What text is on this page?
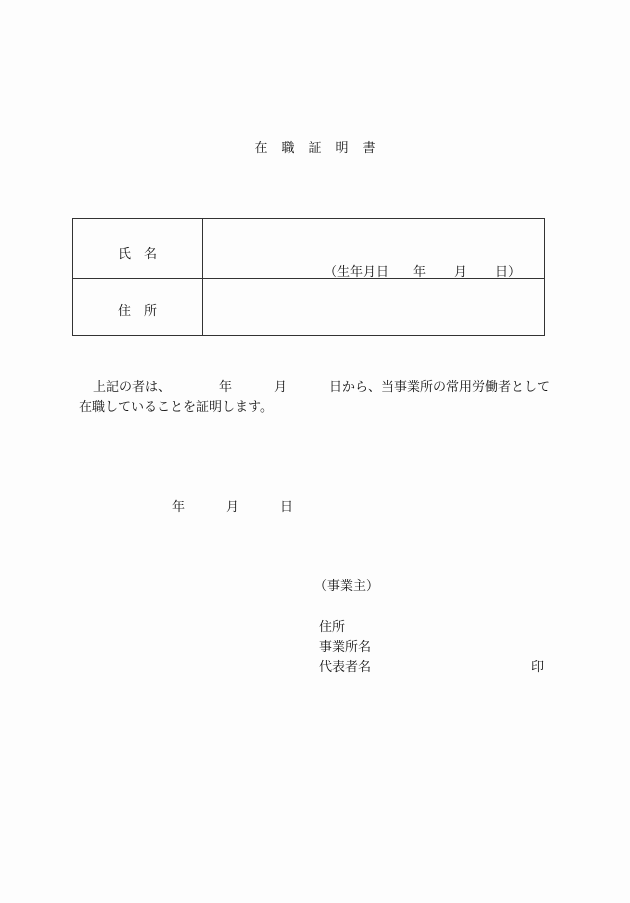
在 職 証 明 書
氏　名	（生年月日 年 月 日）

住　所	

上記の者は、	年	月	日から、当事業所の常用労働者として
在職していることを証明します。
年	月	日
（事業主）
住所
事業所名
代表者名	印
